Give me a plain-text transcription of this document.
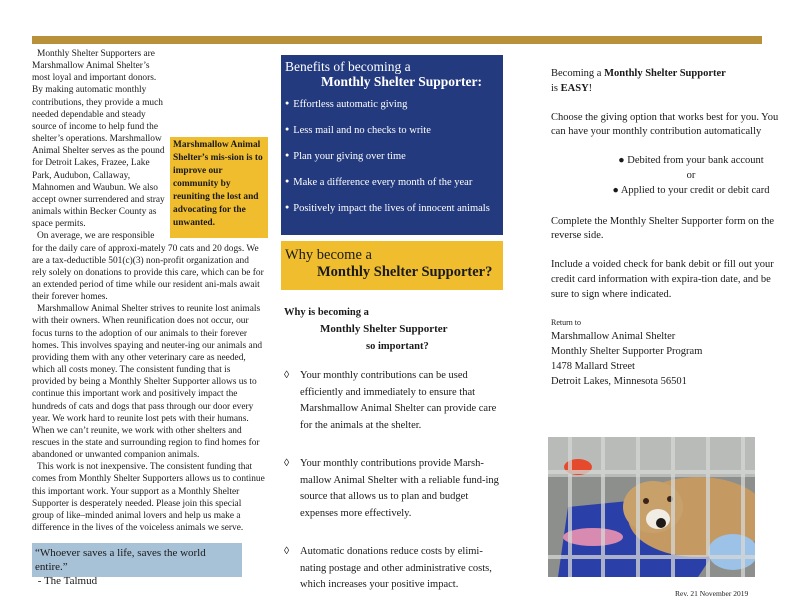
Marshmallow Animal Shelter’s mis-sion is to improve our community by reuniting the lost and advocating for the unwanted.

Monthly Shelter Supporters are Marshmallow Animal Shelter’s most loyal and important donors. By making automatic monthly contributions, they provide a much needed dependable and steady source of income to help fund the shelter’s operations. Marshmallow Animal Shelter serves as the pound for Detroit Lakes, Frazee, Lake Park, Audubon, Callaway, Mahnomen and Waubun. We also accept owner surrendered and stray animals within Becker County as space permits.

On average, we are responsible for the daily care of approxi-mately 70 cats and 20 dogs. We are a tax-deductible 501(c)(3) non-profit organization and rely solely on donations to provide this care, which can be for an extended period of time while our resident ani-mals await their forever homes.

Marshmallow Animal Shelter strives to reunite lost animals with their owners. When reunification does not occur, our focus turns to the adoption of our animals to their forever homes. This involves spaying and neuter-ing our animals and providing them with any other veterinary care as needed, which all costs money. The consistent funding that is provided by being a Monthly Shelter Supporter allows us to continue this important work and positively impact the hundreds of cats and dogs that pass through our door every year. We work hard to reunite lost pets with their humans. When we can’t reunite, we work with other shelters and rescues in the state and surrounding region to find homes for abandoned or unwanted companion animals.

This work is not inexpensive. The consistent funding that comes from Monthly Shelter Supporters allows us to continue this important work. Your support as a Monthly Shelter Supporter is desperately needed. Please join this special group of like–minded animal lovers and help us make a difference in the lives of the voiceless animals we serve.

“Whoever saves a life, saves the world entire.”
- The Talmud
Benefits of becoming a
Monthly Shelter Supporter:
● Effortless automatic giving
● Less mail and no checks to write
● Plan your giving over time
● Make a difference every month of the year
● Positively impact the lives of innocent animals
Why become a
Monthly Shelter Supporter?
Why is becoming a
Monthly Shelter Supporter
so important?
◊ Your monthly contributions can be used efficiently and immediately to ensure that Marshmallow Animal Shelter can provide care for the animals at the shelter.
◊ Your monthly contributions provide Marsh-mallow Animal Shelter with a reliable fund-ing source that allows us to plan and budget expenses more effectively.
◊ Automatic donations reduce costs by elimi-nating postage and other administrative costs, which increases your positive impact.

Becoming a Monthly Shelter Supporter
is EASY!

Choose the giving option that works best for you. You can have your monthly contribution automatically

● Debited from your bank account
or
● Applied to your credit or debit card

Complete the Monthly Shelter Supporter form on the reverse side.

Include a voided check for bank debit or fill out your credit card information with expira-tion date, and be sure to sign where indicated.

Return to
Marshmallow Animal Shelter
Monthly Shelter Supporter Program
1478 Mallard Street
Detroit Lakes, Minnesota 56501
Rev. 21 November 2019
